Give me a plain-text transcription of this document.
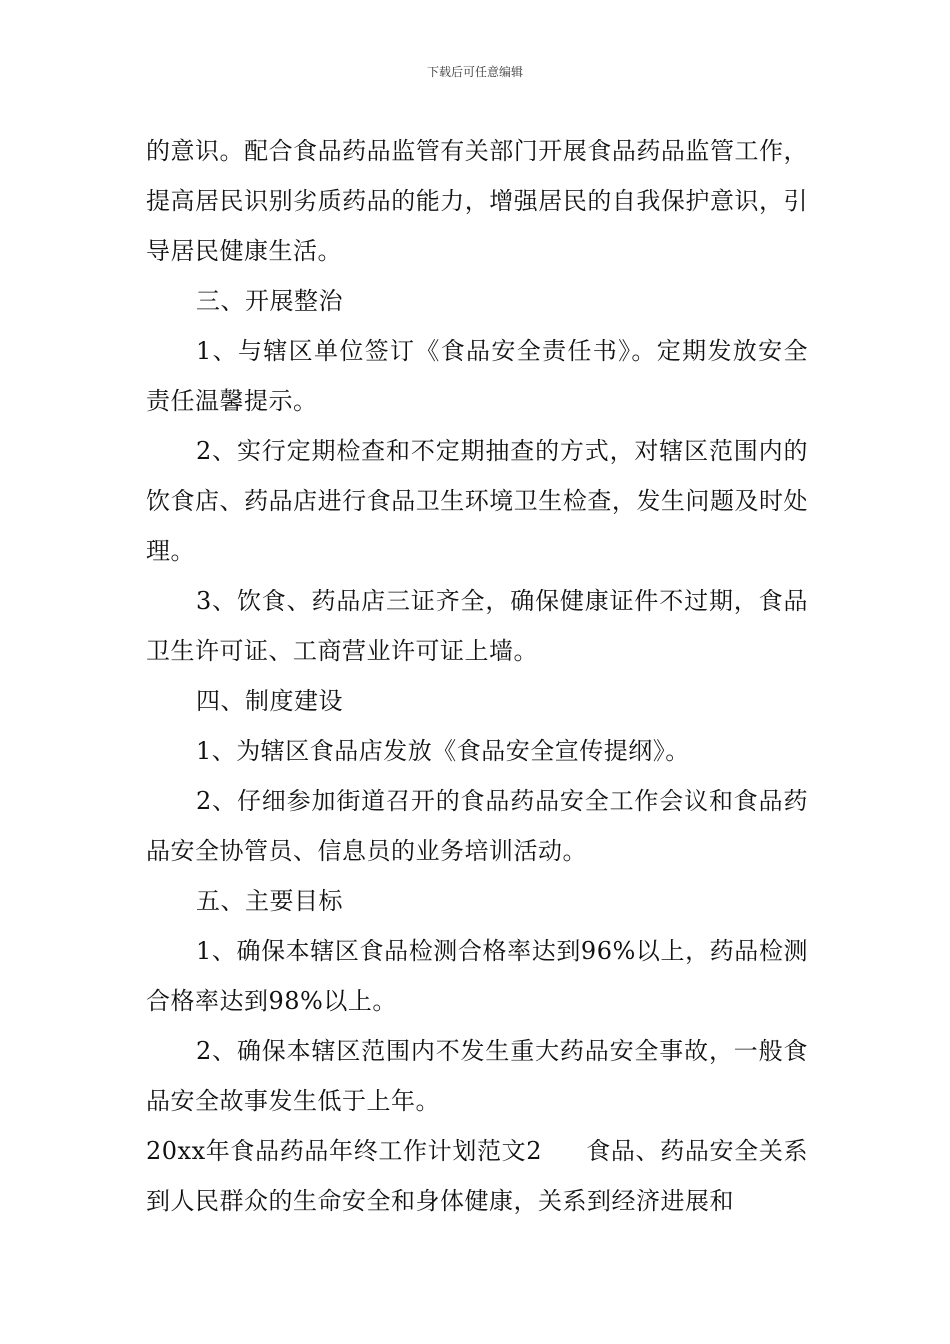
下载后可任意编辑

的意识。配合食品药品监管有关部门开展食品药品监管工作，提高居民识别劣质药品的能力，增强居民的自我保护意识，引导居民健康生活。

三、开展整治

1、与辖区单位签订《食品安全责任书》。定期发放安全责任温馨提示。

2、实行定期检查和不定期抽查的方式，对辖区范围内的饮食店、药品店进行食品卫生环境卫生检查，发生问题及时处理。

3、饮食、药品店三证齐全，确保健康证件不过期，食品卫生许可证、工商营业许可证上墙。

四、制度建设

1、为辖区食品店发放《食品安全宣传提纲》。

2、仔细参加街道召开的食品药品安全工作会议和食品药品安全协管员、信息员的业务培训活动。

五、主要目标

1、确保本辖区食品检测合格率达到96%以上，药品检测合格率达到98%以上。

2、确保本辖区范围内不发生重大药品安全事故，一般食品安全故事发生低于上年。

20xx年食品药品年终工作计划范文2 食品、药品安全关系到人民群众的生命安全和身体健康，关系到经济进展和
